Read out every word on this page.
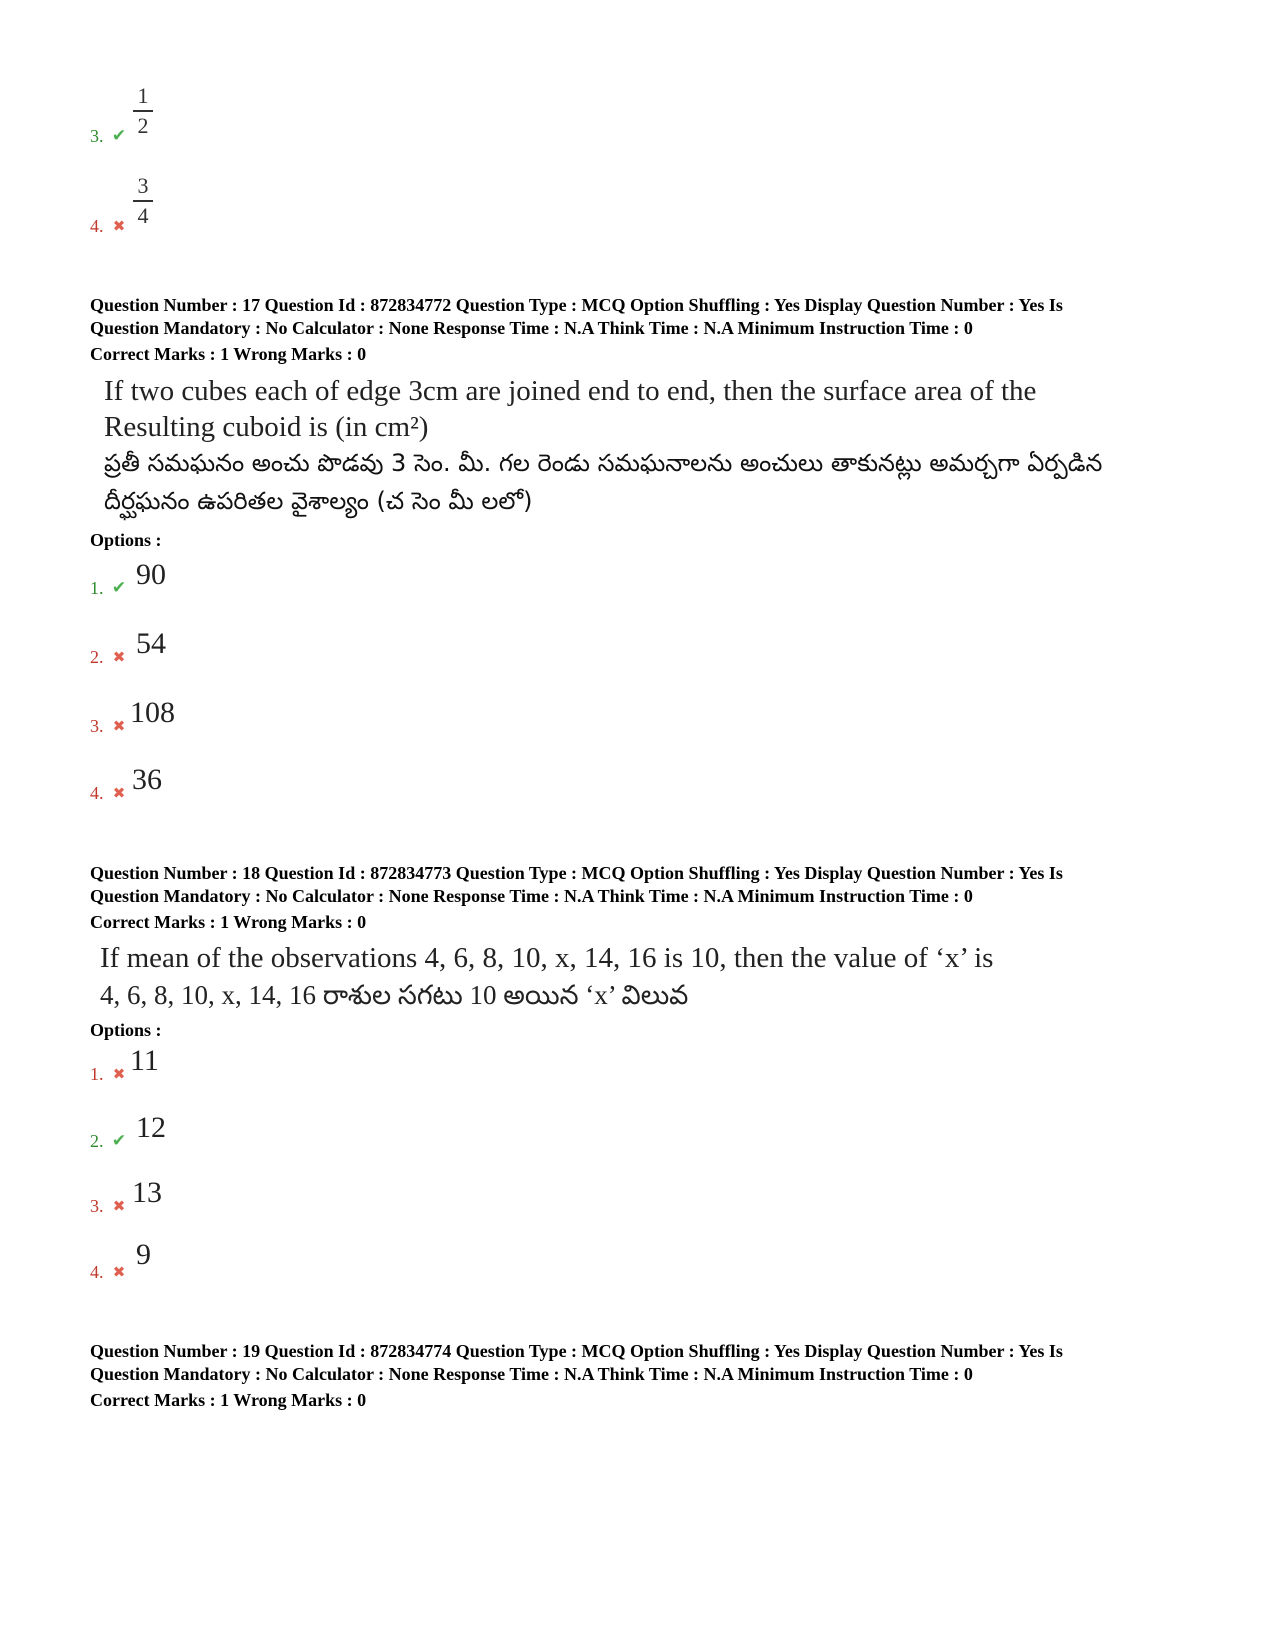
3. ✔
1
2
4. ✖
3
4
Question Number : 17 Question Id : 872834772 Question Type : MCQ Option Shuffling : Yes Display Question Number : Yes Is
Question Mandatory : No Calculator : None Response Time : N.A Think Time : N.A Minimum Instruction Time : 0
Correct Marks : 1 Wrong Marks : 0
If two cubes each of edge 3cm are joined end to end, then the surface area of the
Resulting cuboid is (in cm²)
ప్రతీ సమఘనం అంచు పొడవు 3 సెం. మీ. గల రెండు సమఘనాలను అంచులు తాకునట్లు అమర్చగా ఏర్పడిన
దీర్ఘఘనం ఉపరితల వైశాల్యం (చ సెం మీ లలో)
Options :
1. ✔ 90
2. ✖ 54
3. ✖ 108
4. ✖ 36
Question Number : 18 Question Id : 872834773 Question Type : MCQ Option Shuffling : Yes Display Question Number : Yes Is
Question Mandatory : No Calculator : None Response Time : N.A Think Time : N.A Minimum Instruction Time : 0
Correct Marks : 1 Wrong Marks : 0
If mean of the observations 4, 6, 8, 10, x, 14, 16 is 10, then the value of ‘x’ is
4, 6, 8, 10, x, 14, 16 రాశుల సగటు 10 అయిన ‘x’ విలువ
Options :
1. ✖ 11
2. ✔ 12
3. ✖ 13
4. ✖
9
Question Number : 19 Question Id : 872834774 Question Type : MCQ Option Shuffling : Yes Display Question Number : Yes Is
Question Mandatory : No Calculator : None Response Time : N.A Think Time : N.A Minimum Instruction Time : 0
Correct Marks : 1 Wrong Marks : 0
